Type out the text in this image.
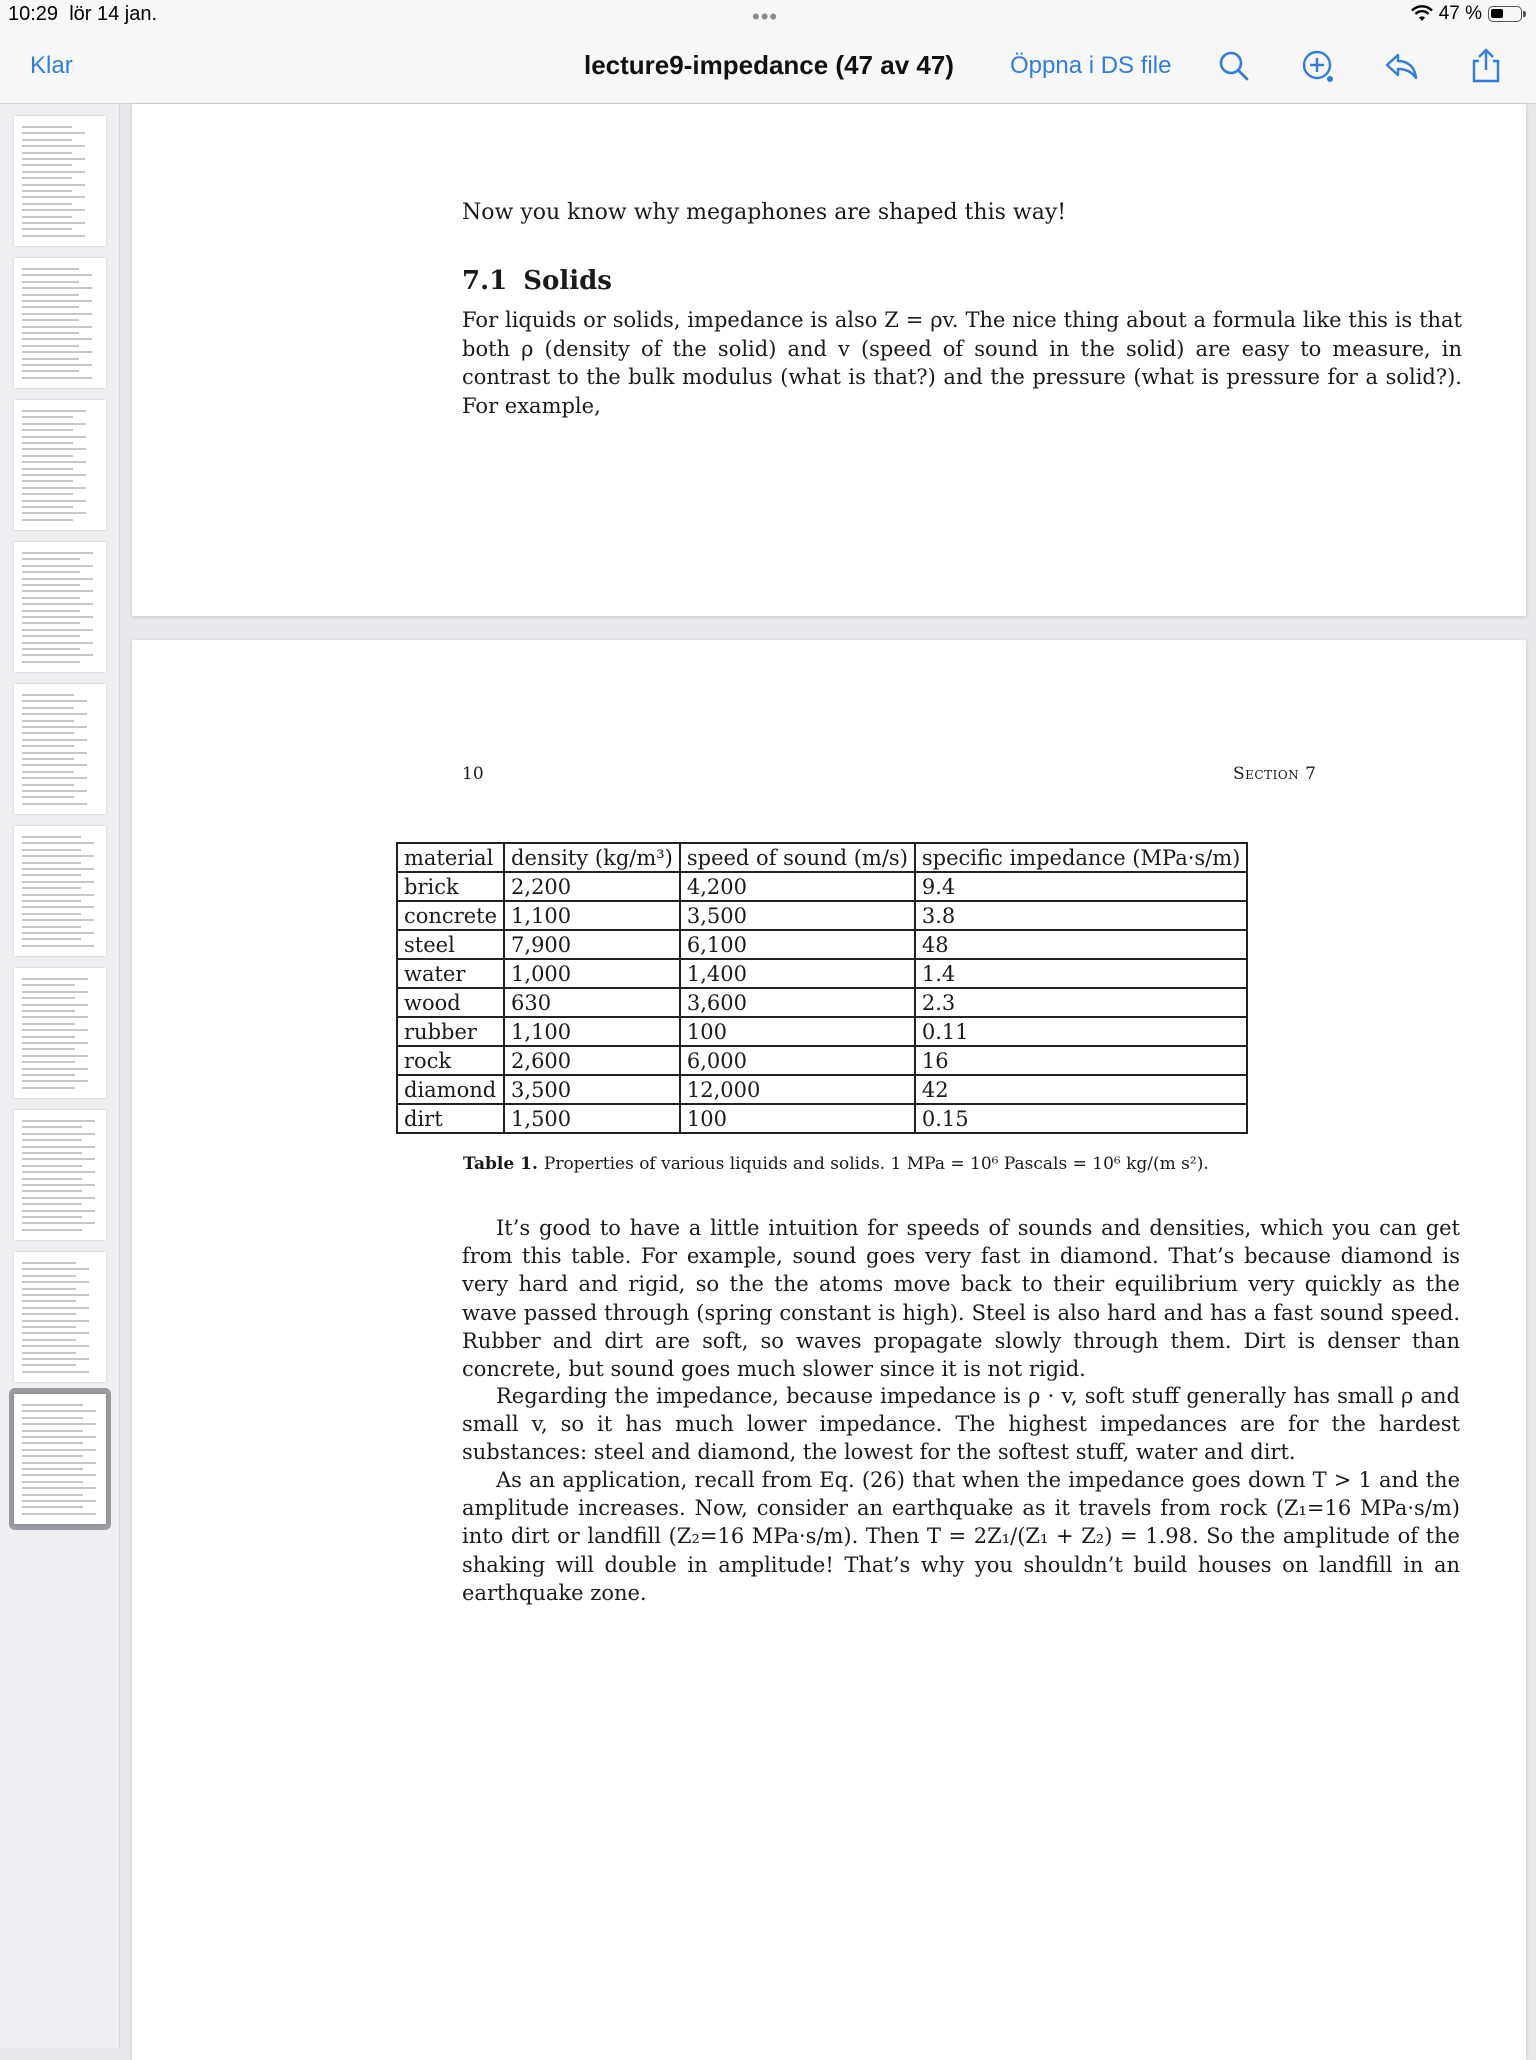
10:29 lör 14 jan.	•••	47 %
Klar	lecture9-impedance (47 av 47) Öppna i DS file
Now you know why megaphones are shaped this way!
7.1 Solids
For liquids or solids, impedance is also Z = ρv. The nice thing about a formula like this is that both ρ (density of the solid) and v (speed of sound in the solid) are easy to measure, in contrast to the bulk modulus (what is that?) and the pressure (what is pressure for a solid?). For example,
10	Section 7
material	density (kg/m³)	speed of sound (m/s)	specific impedance (MPa·s/m)
brick	2,200	4,200	9.4
concrete	1,100	3,500	3.8
steel	7,900	6,100	48
water	1,000	1,400	1.4
wood	630	3,600	2.3
rubber	1,100	100	0.11
rock	2,600	6,000	16
diamond	3,500	12,000	42
dirt	1,500	100	0.15
Table 1. Properties of various liquids and solids. 1 MPa = 10⁶ Pascals = 10⁶ kg/(m s²).
It’s good to have a little intuition for speeds of sounds and densities, which you can get from this table. For example, sound goes very fast in diamond. That’s because diamond is very hard and rigid, so the the atoms move back to their equilibrium very quickly as the wave passed through (spring constant is high). Steel is also hard and has a fast sound speed. Rubber and dirt are soft, so waves propagate slowly through them. Dirt is denser than concrete, but sound goes much slower since it is not rigid.
Regarding the impedance, because impedance is ρ · v, soft stuff generally has small ρ and small v, so it has much lower impedance. The highest impedances are for the hardest substances: steel and diamond, the lowest for the softest stuff, water and dirt.
As an application, recall from Eq. (26) that when the impedance goes down T > 1 and the amplitude increases. Now, consider an earthquake as it travels from rock (Z₁=16 MPa·s/m) into dirt or landfill (Z₂=16 MPa·s/m). Then T = 2Z₁/(Z₁ + Z₂) = 1.98. So the amplitude of the shaking will double in amplitude! That’s why you shouldn’t build houses on landfill in an earthquake zone.
